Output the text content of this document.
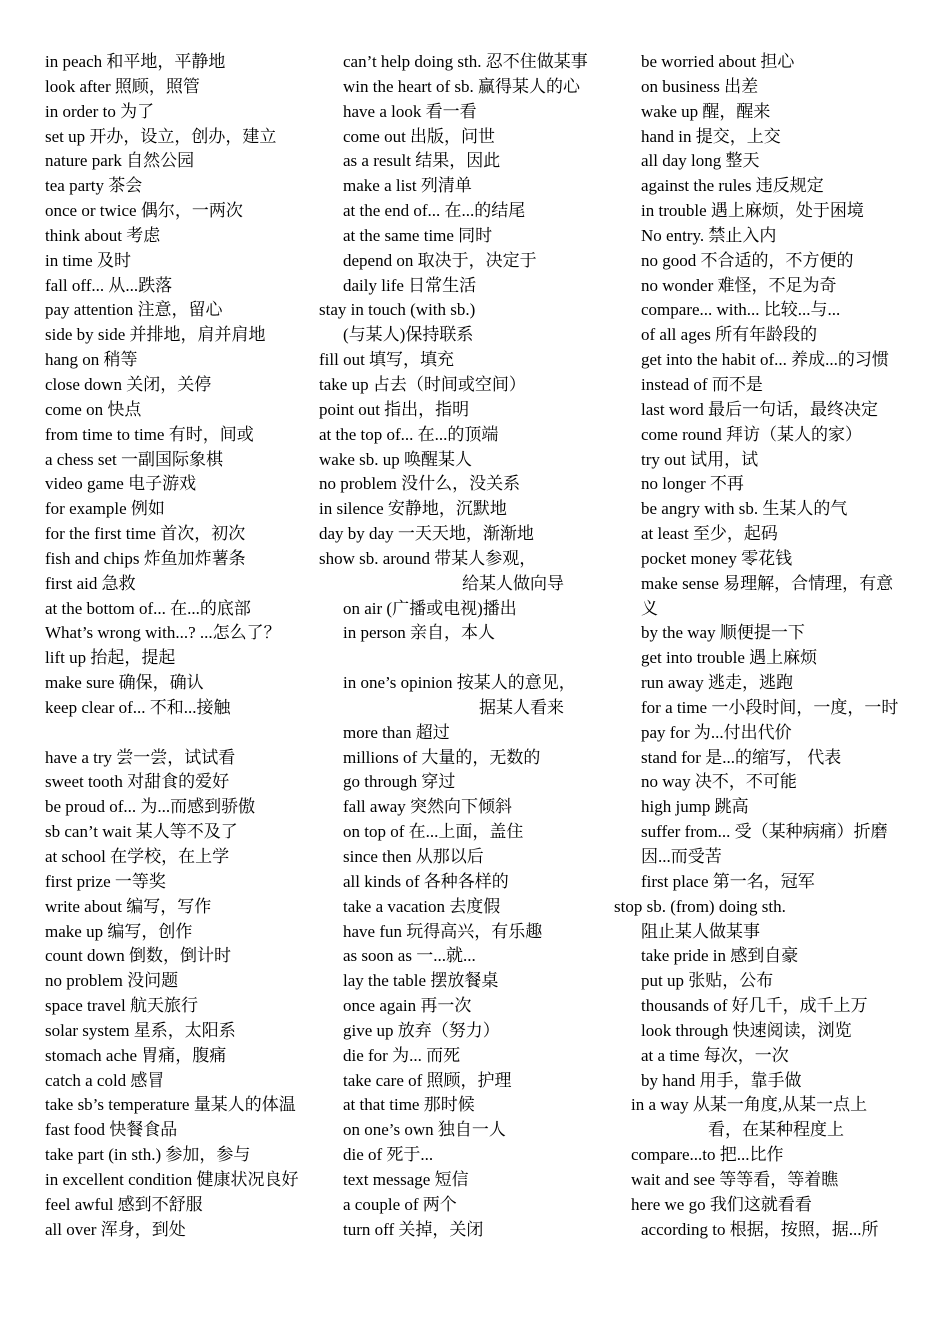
in peach 和平地，平静地
look after 照顾，照管
in order to 为了
set up 开办，设立，创办，建立
nature park 自然公园
tea party 茶会
once or twice 偶尔，一两次
think about 考虑
in time 及时
fall off... 从...跌落
pay attention 注意，留心
side by side 并排地，肩并肩地
hang on 稍等
close down 关闭，关停
come on 快点
from time to time 有时，间或
a chess set 一副国际象棋
video game 电子游戏
for example 例如
for the first time 首次，初次
fish and chips 炸鱼加炸薯条
first aid 急救
at the bottom of... 在...的底部
What’s wrong with...? ...怎么了？
lift up 抬起，提起
make sure 确保，确认
keep clear of... 不和...接触
have a try 尝一尝，试试看
sweet tooth 对甜食的爱好
be proud of... 为...而感到骄傲
sb can’t wait 某人等不及了
at school 在学校，在上学
first prize 一等奖
write about 编写，写作
make up 编写，创作
count down 倒数，倒计时
no problem 没问题
space travel 航天旅行
solar system 星系，太阳系
stomach ache 胃痛，腹痛
catch a cold 感冒
take sb’s temperature 量某人的体温
fast food 快餐食品
take part (in sth.) 参加，参与
in excellent condition 健康状况良好
feel awful 感到不舒服
all over 浑身，到处
can’t help doing sth. 忍不住做某事
win the heart of sb. 赢得某人的心
have a look 看一看
come out 出版，问世
as a result 结果，因此
make a list 列清单
at the end of... 在...的结尾
at the same time 同时
depend on 取决于，决定于
daily life 日常生活
stay in touch (with sb.)
(与某人)保持联系
fill out 填写，填充
take up 占去（时间或空间）
point out 指出，指明
at the top of... 在...的顶端
wake sb. up 唤醒某人
no problem 没什么，没关系
in silence 安静地，沉默地
day by day 一天天地，渐渐地
show sb. around 带某人参观，
给某人做向导
on air (广播或电视)播出
in person 亲自，本人
in one’s opinion 按某人的意见，
据某人看来
more than 超过
millions of 大量的，无数的
go through 穿过
fall away 突然向下倾斜
on top of 在...上面，盖住
since then 从那以后
all kinds of 各种各样的
take a vacation 去度假
have fun 玩得高兴，有乐趣
as soon as 一...就...
lay the table 摆放餐桌
once again 再一次
give up 放弃（努力）
die for 为... 而死
take care of 照顾，护理
at that time 那时候
on one’s own 独自一人
die of 死于...
text message 短信
a couple of 两个
turn off 关掉，关闭
be worried about 担心
on business 出差
wake up 醒，醒来
hand in 提交，上交
all day long 整天
against the rules 违反规定
in trouble 遇上麻烦，处于困境
No entry. 禁止入内
no good 不合适的，不方便的
no wonder 难怪，不足为奇
compare... with... 比较...与...
of all ages 所有年龄段的
get into the habit of... 养成...的习惯
instead of 而不是
last word 最后一句话，最终决定
come round 拜访（某人的家）
try out 试用，试
no longer 不再
be angry with sb. 生某人的气
at least 至少，起码
pocket money 零花钱
make sense 易理解，合情理，有意义
by the way 顺便提一下
get into trouble 遇上麻烦
run away 逃走，逃跑
for a time 一小段时间，一度，一时
pay for 为...付出代价
stand for 是...的缩写， 代表
no way 决不，不可能
high jump 跳高
suffer from... 受（某种病痛）折磨
因...而受苦
first place 第一名，冠军
stop sb. (from) doing sth.
阻止某人做某事
take pride in 感到自豪
put up 张贴，公布
thousands of 好几千，成千上万
look through 快速阅读，浏览
at a time 每次，一次
by hand 用手，靠手做
in a way 从某一角度,从某一点上
看，在某种程度上
compare...to 把...比作
wait and see 等等看，等着瞧
here we go 我们这就看看
according to 根据，按照，据...所
